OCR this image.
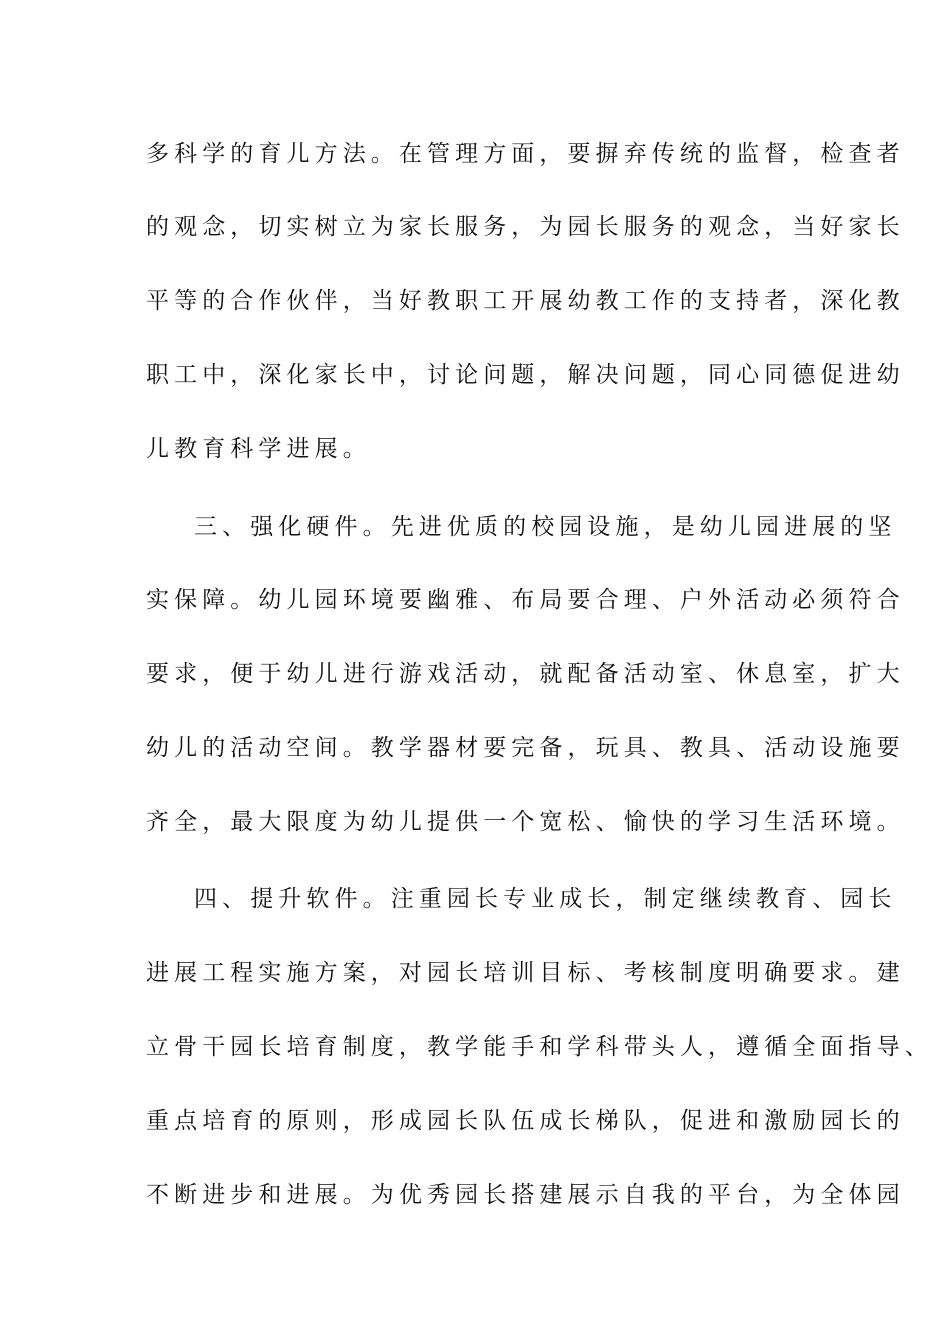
多科学的育儿方法。在管理方面，要摒弃传统的监督，检查者
的观念，切实树立为家长服务，为园长服务的观念，当好家长
平等的合作伙伴，当好教职工开展幼教工作的支持者，深化教
职工中，深化家长中，讨论问题，解决问题，同心同德促进幼
儿教育科学进展。
三、强化硬件。先进优质的校园设施，是幼儿园进展的坚
实保障。幼儿园环境要幽雅、布局要合理、户外活动必须符合
要求，便于幼儿进行游戏活动，就配备活动室、休息室，扩大
幼儿的活动空间。教学器材要完备，玩具、教具、活动设施要
齐全，最大限度为幼儿提供一个宽松、愉快的学习生活环境。
四、提升软件。注重园长专业成长，制定继续教育、园长
进展工程实施方案，对园长培训目标、考核制度明确要求。建
立骨干园长培育制度，教学能手和学科带头人，遵循全面指导、
重点培育的原则，形成园长队伍成长梯队，促进和激励园长的
不断进步和进展。为优秀园长搭建展示自我的平台，为全体园
